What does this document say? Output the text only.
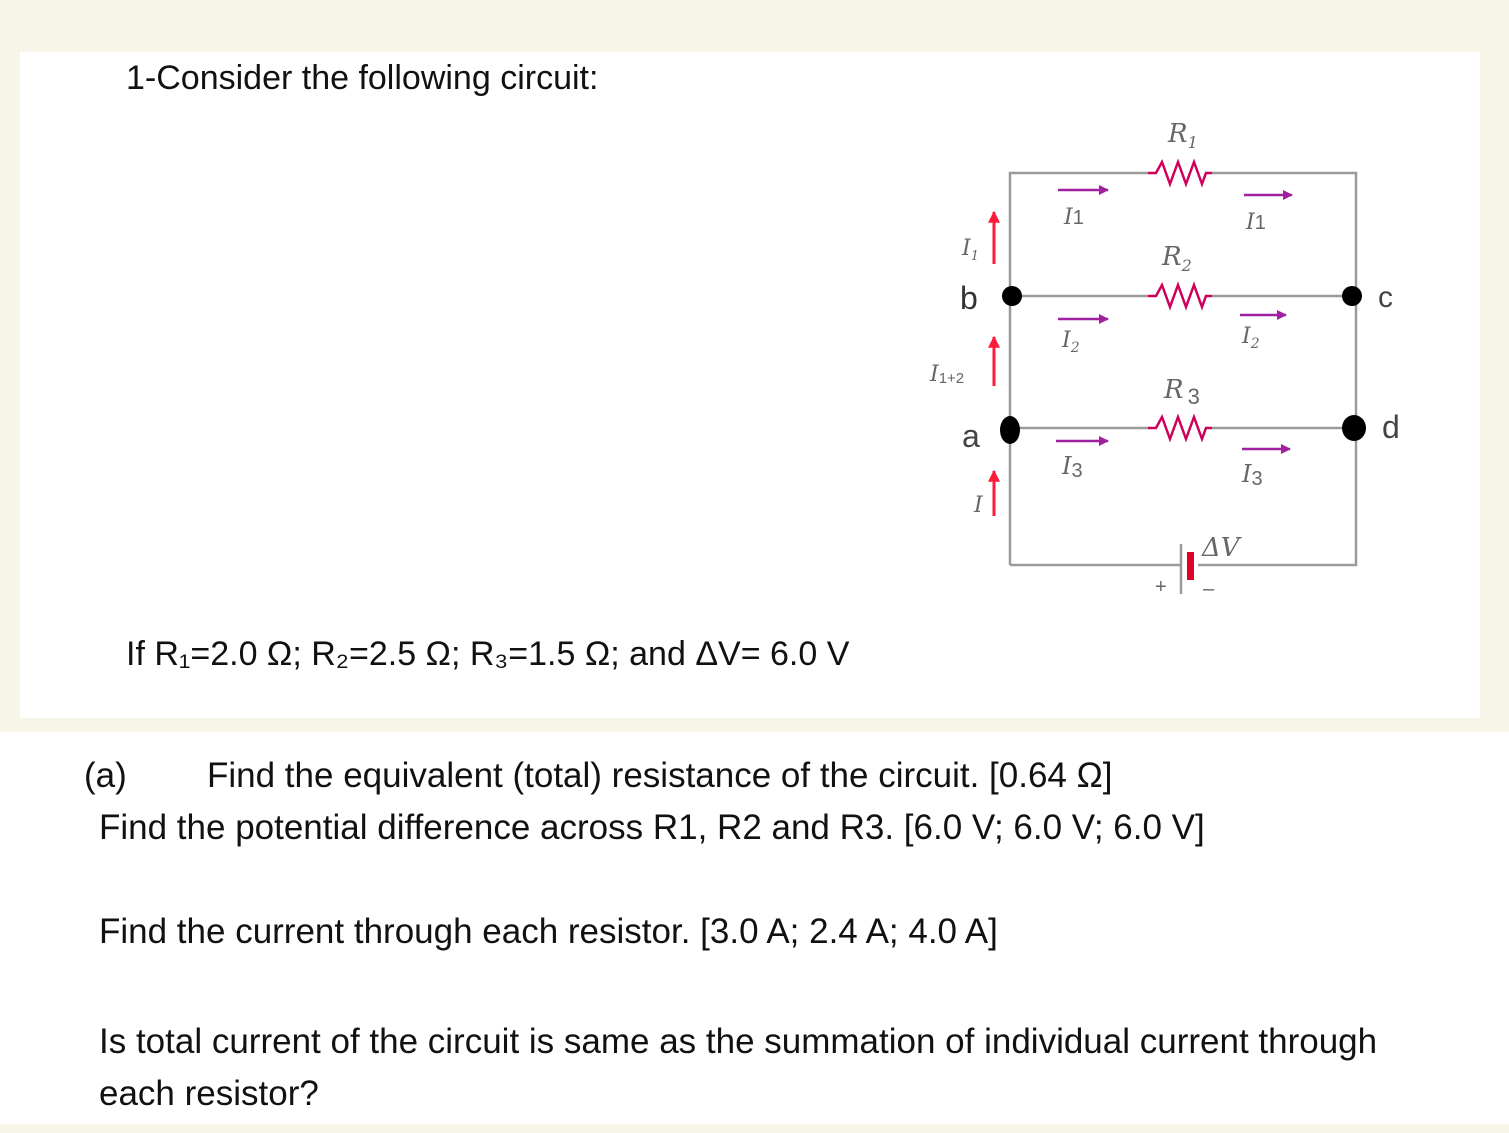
1-Consider the following circuit:
If R₁=2.0 Ω; R₂=2.5 Ω; R₃=1.5 Ω; and ΔV= 6.0 V
(a) Find the equivalent (total) resistance of the circuit. [0.64 Ω]
Find the potential difference across R1, R2 and R3. [6.0 V; 6.0 V; 6.0 V]
Find the current through each resistor. [3.0 A; 2.4 A; 4.0 A]
Is total current of the circuit is same as the summation of individual current through each resistor?
$R_1$
$R_2$
R $_3$
ΔV
+ –
b	c
a	d
I1	I1
$I_2$	$I_2$
I3	I3
$I_1$
I1+2
I
